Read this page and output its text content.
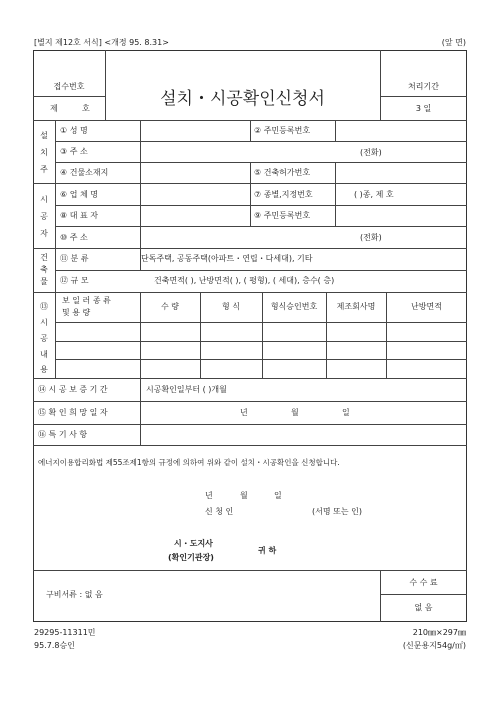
[별지 제12호 서식] <개정 95. 8.31>	(앞 면)
접수번호
제	호	설치・시공확인신청서
처리기간
3 일
설
치
주
① 성 명	② 주민등록번호
③ 주 소	(전화)
④ 건물소재지	⑤ 건축허가번호
시
공
자
⑥ 업 체 명	⑦ 종별,지정번호	( )종, 제 호
⑧ 대 표 자	⑨ 주민등록번호
⑩ 주 소	(전화)
건
축
물
⑪ 분 류	단독주택, 공동주택(아파트・연립・다세대), 기타
⑫ 규 모	건축면적( ), 난방면적( ), ( 평형), ( 세대), 층수( 층)
⑬
시
공
내
용
보 일 러 종 류
및 용 량
수 량	형 식	형식승인번호	제조회사명	난방면적
⑭ 시 공 보 증 기 간	시공확인일부터 ( )개월
⑮ 확 인 희 망 일 자	년	월	일
⑯ 특 기 사 항
에너지이용합리화법 제55조제1항의 규정에 의하여 위와 같이 설치・시공확인을 신청합니다.
년	월	일
신 청 인	(서명 또는 인)
시・도지사
(확인기관장)
귀 하
구비서류 : 없 음
수 수 료
없 음
29295-11311민
95.7.8승인
210㎜×297㎜
(신문용지54g/㎡)
